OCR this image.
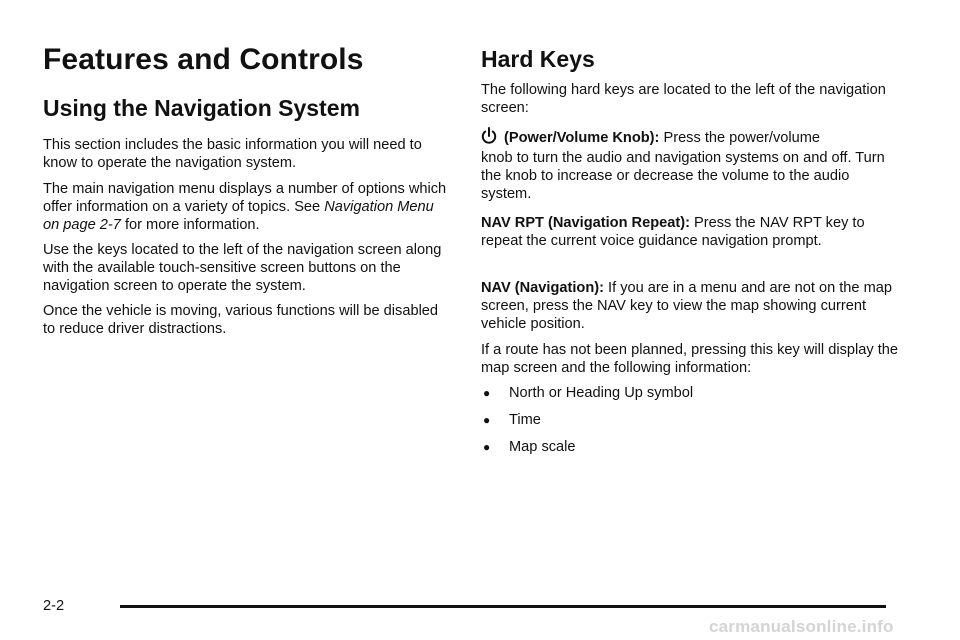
Features and Controls
Using the Navigation System

This section includes the basic information you will need to know to operate the navigation system.

The main navigation menu displays a number of options which offer information on a variety of topics. See Navigation Menu on page 2-7 for more information.

Use the keys located to the left of the navigation screen along with the available touch-sensitive screen buttons on the navigation screen to operate the system.

Once the vehicle is moving, various functions will be disabled to reduce driver distractions.

Hard Keys

The following hard keys are located to the left of the navigation screen:

(Power/Volume Knob): Press the power/volume

knob to turn the audio and navigation systems on and off. Turn the knob to increase or decrease the volume to the audio system.

NAV RPT (Navigation Repeat): Press the NAV RPT key to repeat the current voice guidance navigation prompt.

NAV (Navigation): If you are in a menu and are not on the map screen, press the NAV key to view the map showing current vehicle position.

If a route has not been planned, pressing this key will display the map screen and the following information:

● North or Heading Up symbol
● Time
● Map scale
2-2
carmanualsonline.info
